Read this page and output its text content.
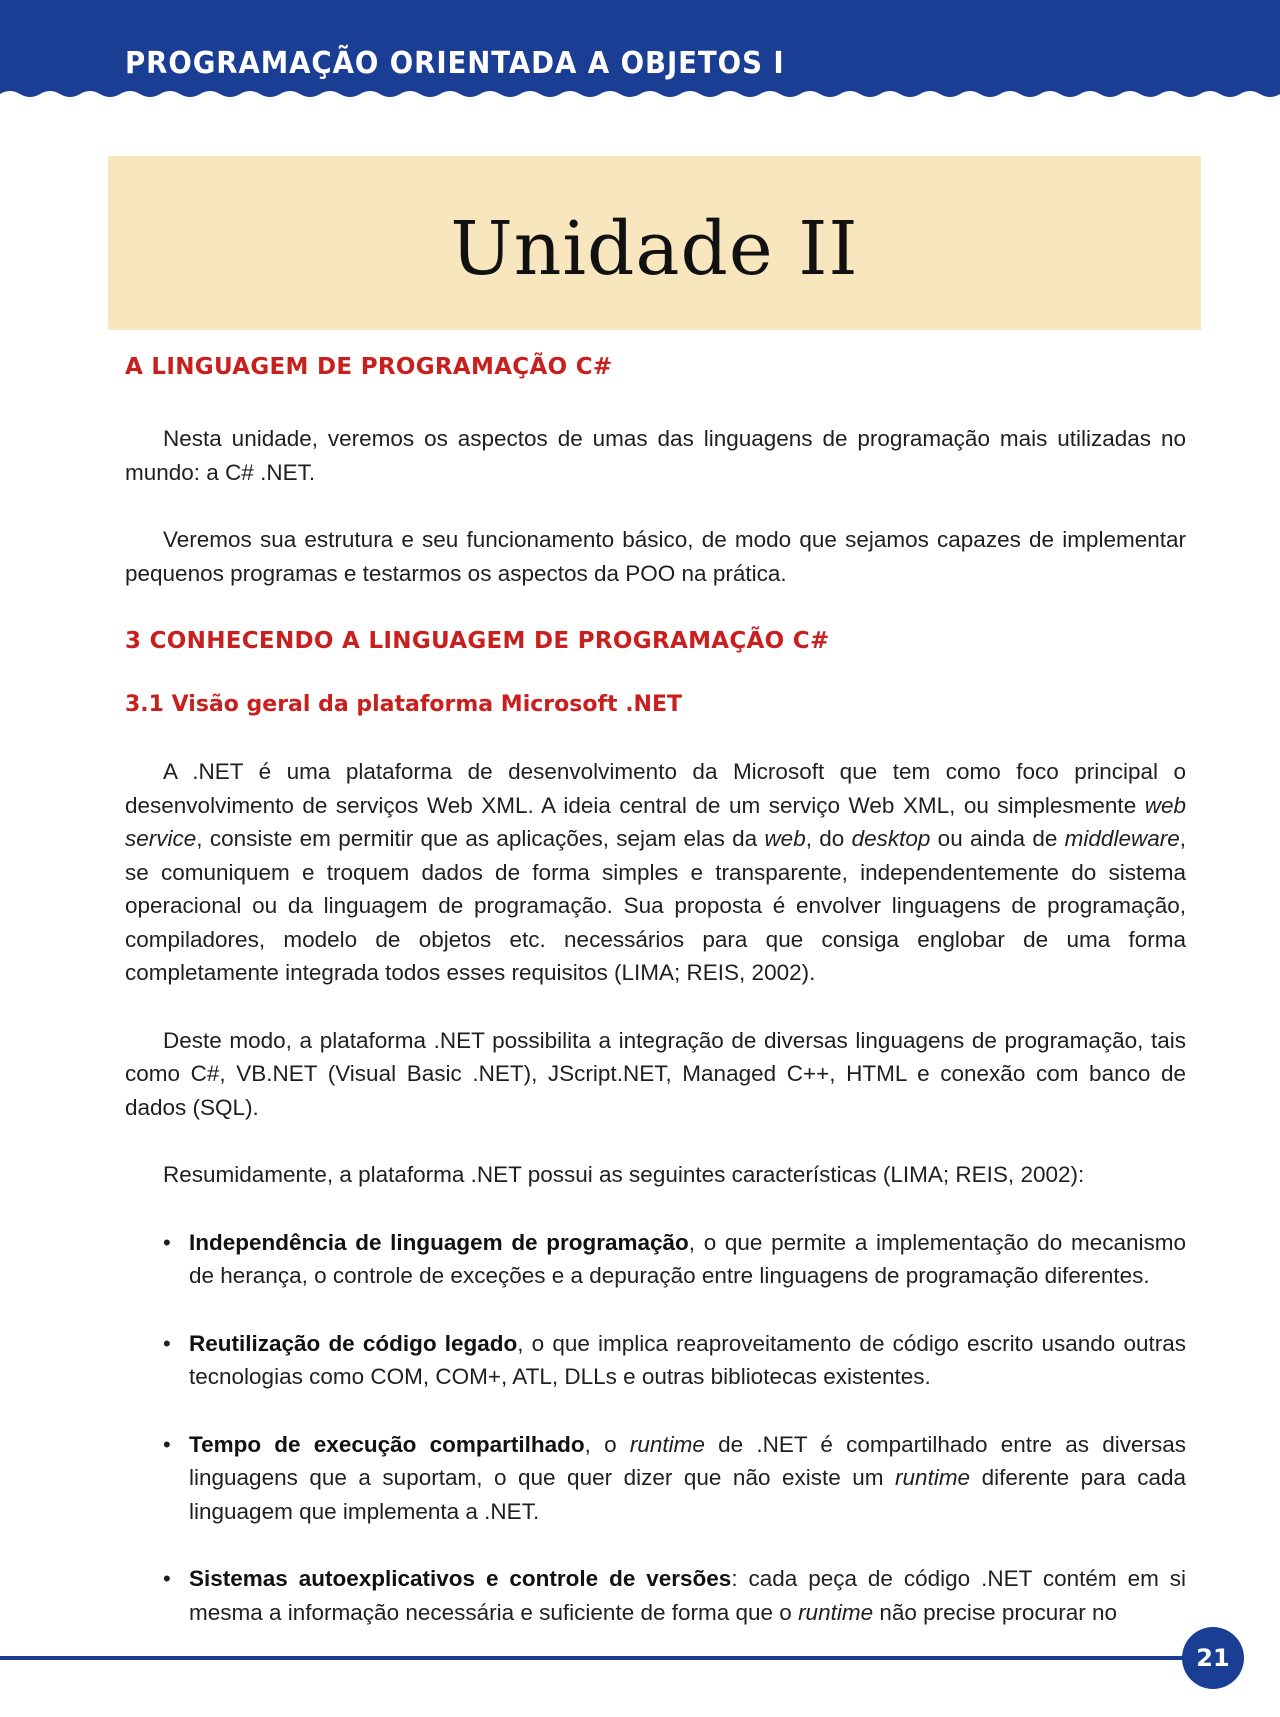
PROGRAMAÇÃO ORIENTADA A OBJETOS I
Unidade II
A LINGUAGEM DE PROGRAMAÇÃO C#

Nesta unidade, veremos os aspectos de umas das linguagens de programação mais utilizadas no mundo: a C# .NET.

Veremos sua estrutura e seu funcionamento básico, de modo que sejamos capazes de implementar pequenos programas e testarmos os aspectos da POO na prática.

3 CONHECENDO A LINGUAGEM DE PROGRAMAÇÃO C#
3.1 Visão geral da plataforma Microsoft .NET

A .NET é uma plataforma de desenvolvimento da Microsoft que tem como foco principal o desenvolvimento de serviços Web XML. A ideia central de um serviço Web XML, ou simplesmente web service, consiste em permitir que as aplicações, sejam elas da web, do desktop ou ainda de middleware, se comuniquem e troquem dados de forma simples e transparente, independentemente do sistema operacional ou da linguagem de programação. Sua proposta é envolver linguagens de programação, compiladores, modelo de objetos etc. necessários para que consiga englobar de uma forma completamente integrada todos esses requisitos (LIMA; REIS, 2002).

Deste modo, a plataforma .NET possibilita a integração de diversas linguagens de programação, tais como C#, VB.NET (Visual Basic .NET), JScript.NET, Managed C++, HTML e conexão com banco de dados (SQL).

Resumidamente, a plataforma .NET possui as seguintes características (LIMA; REIS, 2002):

• Independência de linguagem de programação, o que permite a implementação do mecanismo de herança, o controle de exceções e a depuração entre linguagens de programação diferentes.
• Reutilização de código legado, o que implica reaproveitamento de código escrito usando outras tecnologias como COM, COM+, ATL, DLLs e outras bibliotecas existentes.
• Tempo de execução compartilhado, o runtime de .NET é compartilhado entre as diversas linguagens que a suportam, o que quer dizer que não existe um runtime diferente para cada linguagem que implementa a .NET.
• Sistemas autoexplicativos e controle de versões: cada peça de código .NET contém em si mesma a informação necessária e suficiente de forma que o runtime não precise procurar no
21
